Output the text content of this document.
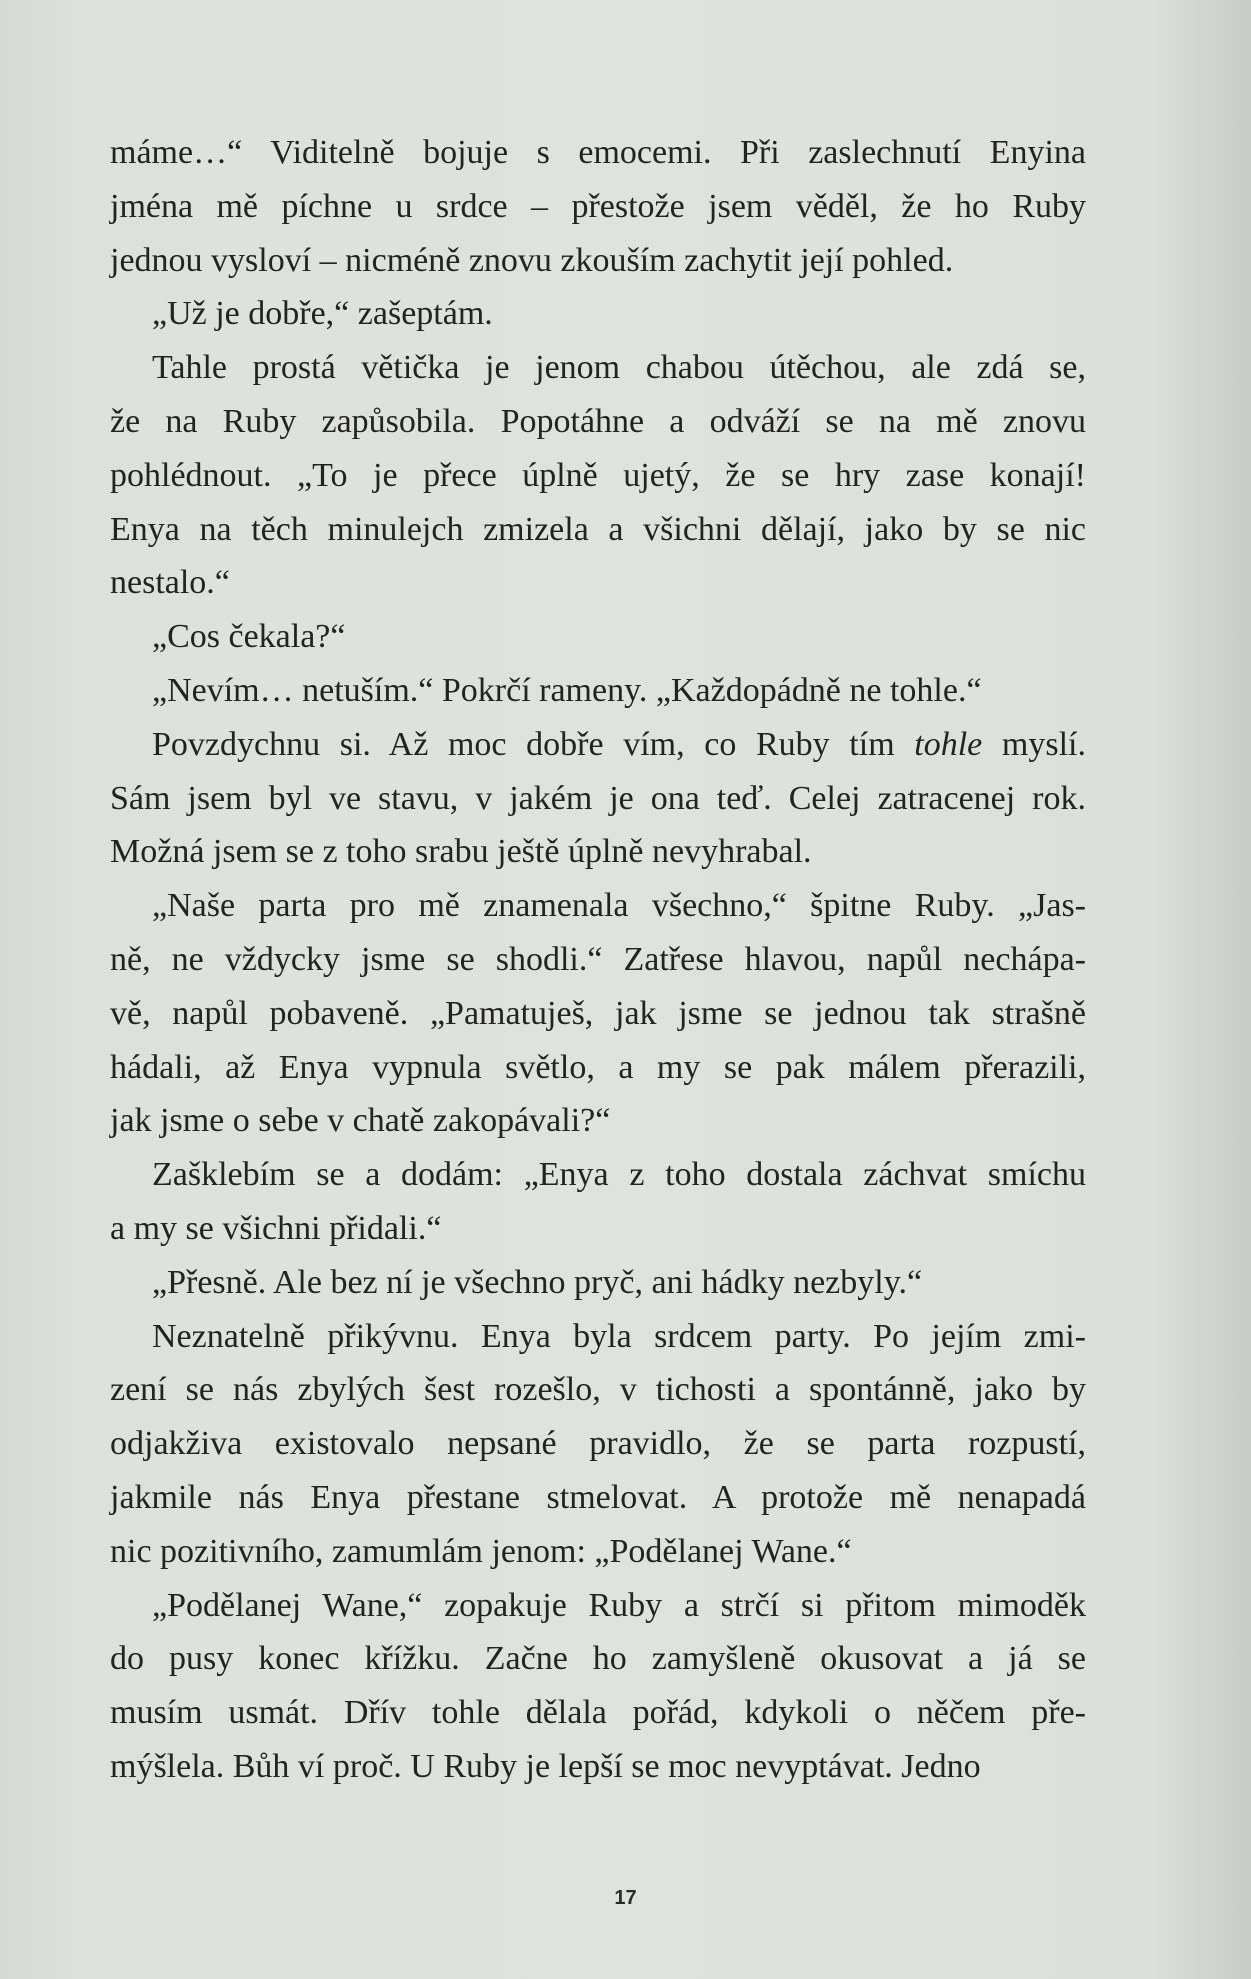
máme…“ Viditelně bojuje s emocemi. Při zaslechnutí Enyina
jména mě píchne u srdce – přestože jsem věděl, že ho Ruby
jednou vysloví – nicméně znovu zkouším zachytit její pohled.
„Už je dobře,“ zašeptám.
Tahle prostá větička je jenom chabou útěchou, ale zdá se,
že na Ruby zapůsobila. Popotáhne a odváží se na mě znovu
pohlédnout. „To je přece úplně ujetý, že se hry zase konají!
Enya na těch minulejch zmizela a všichni dělají, jako by se nic
nestalo.“
„Cos čekala?“
„Nevím… netuším.“ Pokrčí rameny. „Každopádně ne tohle.“
Povzdychnu si. Až moc dobře vím, co Ruby tím tohle myslí.
Sám jsem byl ve stavu, v jakém je ona teď. Celej zatracenej rok.
Možná jsem se z toho srabu ještě úplně nevyhrabal.
„Naše parta pro mě znamenala všechno,“ špitne Ruby. „Jas-
ně, ne vždycky jsme se shodli.“ Zatřese hlavou, napůl nechápa-
vě, napůl pobaveně. „Pamatuješ, jak jsme se jednou tak strašně
hádali, až Enya vypnula světlo, a my se pak málem přerazili,
jak jsme o sebe v chatě zakopávali?“
Zašklebím se a dodám: „Enya z toho dostala záchvat smíchu
a my se všichni přidali.“
„Přesně. Ale bez ní je všechno pryč, ani hádky nezbyly.“
Neznatelně přikývnu. Enya byla srdcem party. Po jejím zmi-
zení se nás zbylých šest rozešlo, v tichosti a spontánně, jako by
odjakživa existovalo nepsané pravidlo, že se parta rozpustí,
jakmile nás Enya přestane stmelovat. A protože mě nenapadá
nic pozitivního, zamumlám jenom: „Podělanej Wane.“
„Podělanej Wane,“ zopakuje Ruby a strčí si přitom mimoděk
do pusy konec křížku. Začne ho zamyšleně okusovat a já se
musím usmát. Dřív tohle dělala pořád, kdykoli o něčem pře-
mýšlela. Bůh ví proč. U Ruby je lepší se moc nevyptávat. Jedno
17
